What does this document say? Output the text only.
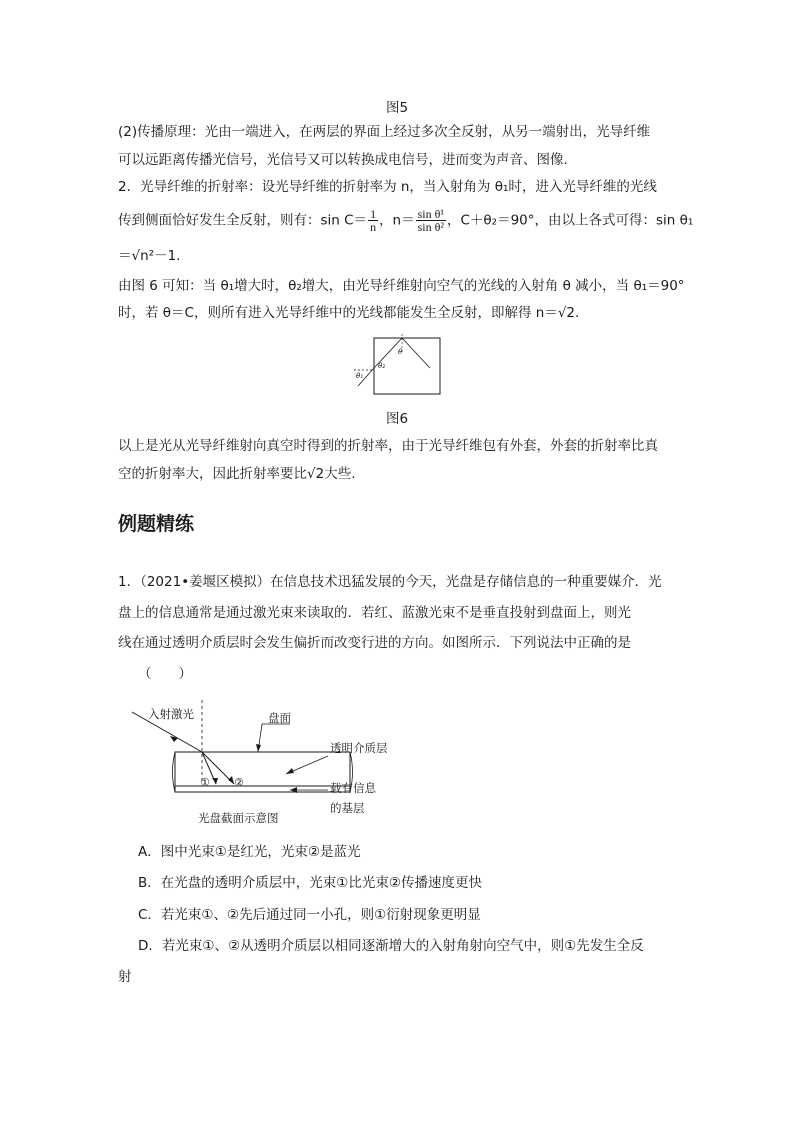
图5
(2)传播原理：光由一端进入，在两层的界面上经过多次全反射，从另一端射出，光导纤维
可以远距离传播光信号，光信号又可以转换成电信号，进而变为声音、图像.
2．光导纤维的折射率：设光导纤维的折射率为 n，当入射角为 θ₁时，进入光导纤维的光线
传到侧面恰好发生全反射，则有：$\sin C= \frac{1}{n}$ ，$n= \frac{\text{sin θ¹}}{\text{sin θ²}}$ ，C＋θ₂＝90°，由以上各式可得：sin θ₁
＝√n²－1.
由图 6 可知：当 θ₁增大时，θ₂增大，由光导纤维射向空气的光线的入射角 θ 减小，当 θ₁＝90°
时，若 θ＝C，则所有进入光导纤维中的光线都能发生全反射，即解得 n＝√2.
θ
θ₂
θ₁
图6
以上是光从光导纤维射向真空时得到的折射率，由于光导纤维包有外套，外套的折射率比真
空的折射率大，因此折射率要比√2大些.
例题精练
1．（2021•姜堰区模拟）在信息技术迅猛发展的今天，光盘是存储信息的一种重要媒介．光
盘上的信息通常是通过激光束来读取的．若红、蓝激光束不是垂直投射到盘面上，则光
线在通过透明介质层时会发生偏折而改变行进的方向。如图所示．下列说法中正确的是
（　　）
① ②
入射激光	盘面
透明介质层
载有信息
的基层
光盘截面示意图
A．图中光束①是红光，光束②是蓝光
B．在光盘的透明介质层中，光束①比光束②传播速度更快
C．若光束①、②先后通过同一小孔，则①衍射现象更明显
D．若光束①、②从透明介质层以相同逐渐增大的入射角射向空气中，则①先发生全反
射
